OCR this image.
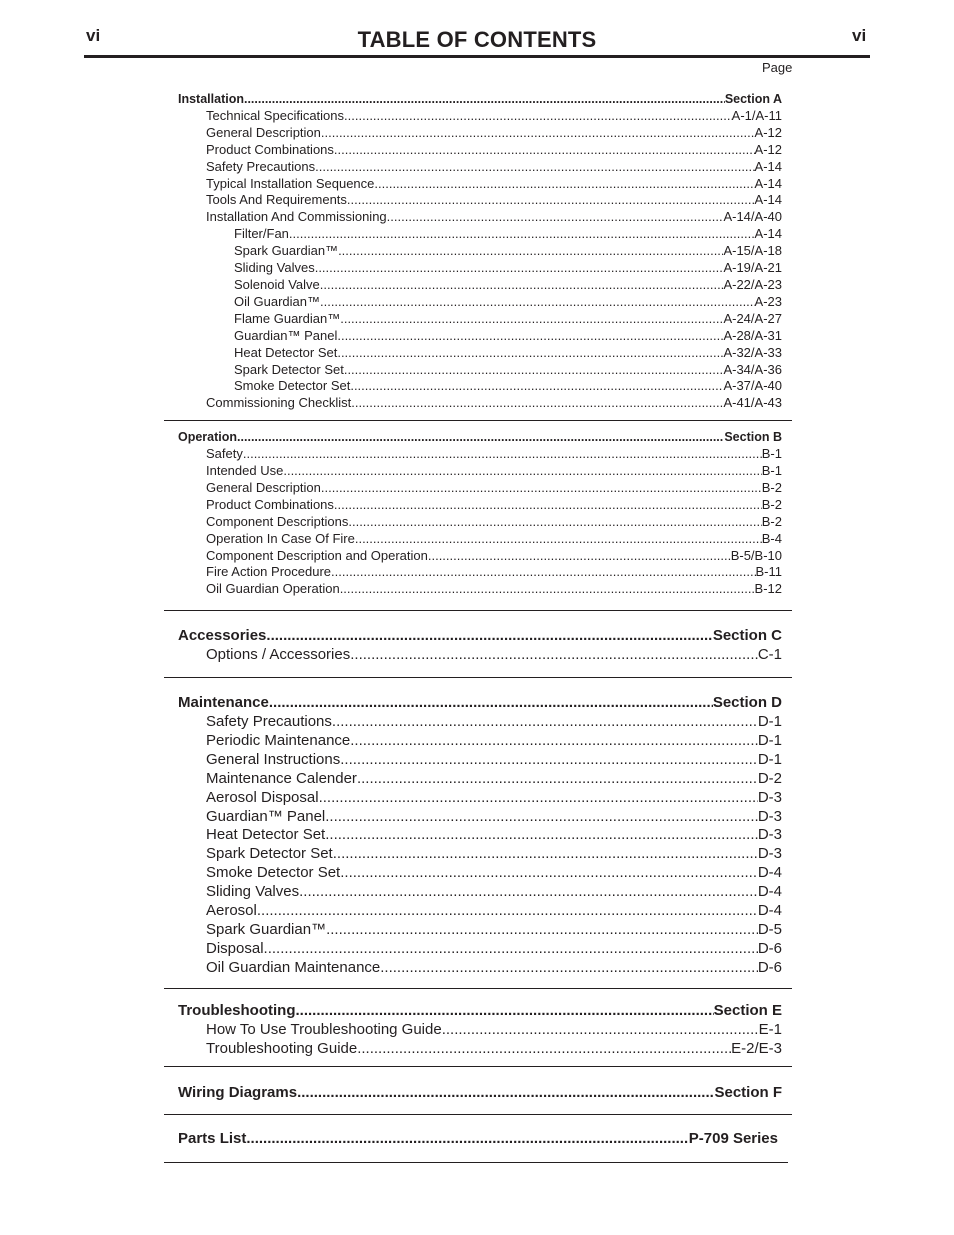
vi	TABLE OF CONTENTS	vi
Page
Installation .....	Section A
Technical Specifications .....	A-1/A-11
General Description .....	A-12
Product Combinations .....	A-12
Safety Precautions .....	A-14
Typical Installation Sequence .....	A-14
Tools And Requirements .....	A-14
Installation And Commissioning .....	A-14/A-40
Filter/Fan .....	A-14
Spark Guardian™ .....	A-15/A-18
Sliding Valves .....	A-19/A-21
Solenoid Valve .....	A-22/A-23
Oil Guardian™ .....	A-23
Flame Guardian™ .....	A-24/A-27
Guardian™ Panel .....	A-28/A-31
Heat Detector Set .....	A-32/A-33
Spark Detector Set .....	A-34/A-36
Smoke Detector Set .....	A-37/A-40
Commissioning Checklist .....	A-41/A-43
Operation .....	Section B
Safety .....	B-1
Intended Use .....	B-1
General Description .....	B-2
Product Combinations .....	B-2
Component Descriptions .....	B-2
Operation In Case Of Fire .....	B-4
Component Description and Operation .....	B-5/B-10
Fire Action Procedure .....	B-11
Oil Guardian Operation .....	B-12
Accessories .....	Section C
Options / Accessories .....	C-1
Maintenance .....	Section D
Safety Precautions .....	D-1
Periodic Maintenance .....	D-1
General Instructions .....	D-1
Maintenance Calender .....	D-2
Aerosol Disposal .....	D-3
Guardian™ Panel .....	D-3
Heat Detector Set .....	D-3
Spark Detector Set .....	D-3
Smoke Detector Set .....	D-4
Sliding Valves .....	D-4
Aerosol .....	D-4
Spark Guardian™ .....	D-5
Disposal .....	D-6
Oil Guardian Maintenance .....	D-6
Troubleshooting .....	Section E
How To Use Troubleshooting Guide .....	E-1
Troubleshooting Guide .....	E-2/E-3
Wiring Diagrams .....	Section F
Parts List .....	P-709 Series
